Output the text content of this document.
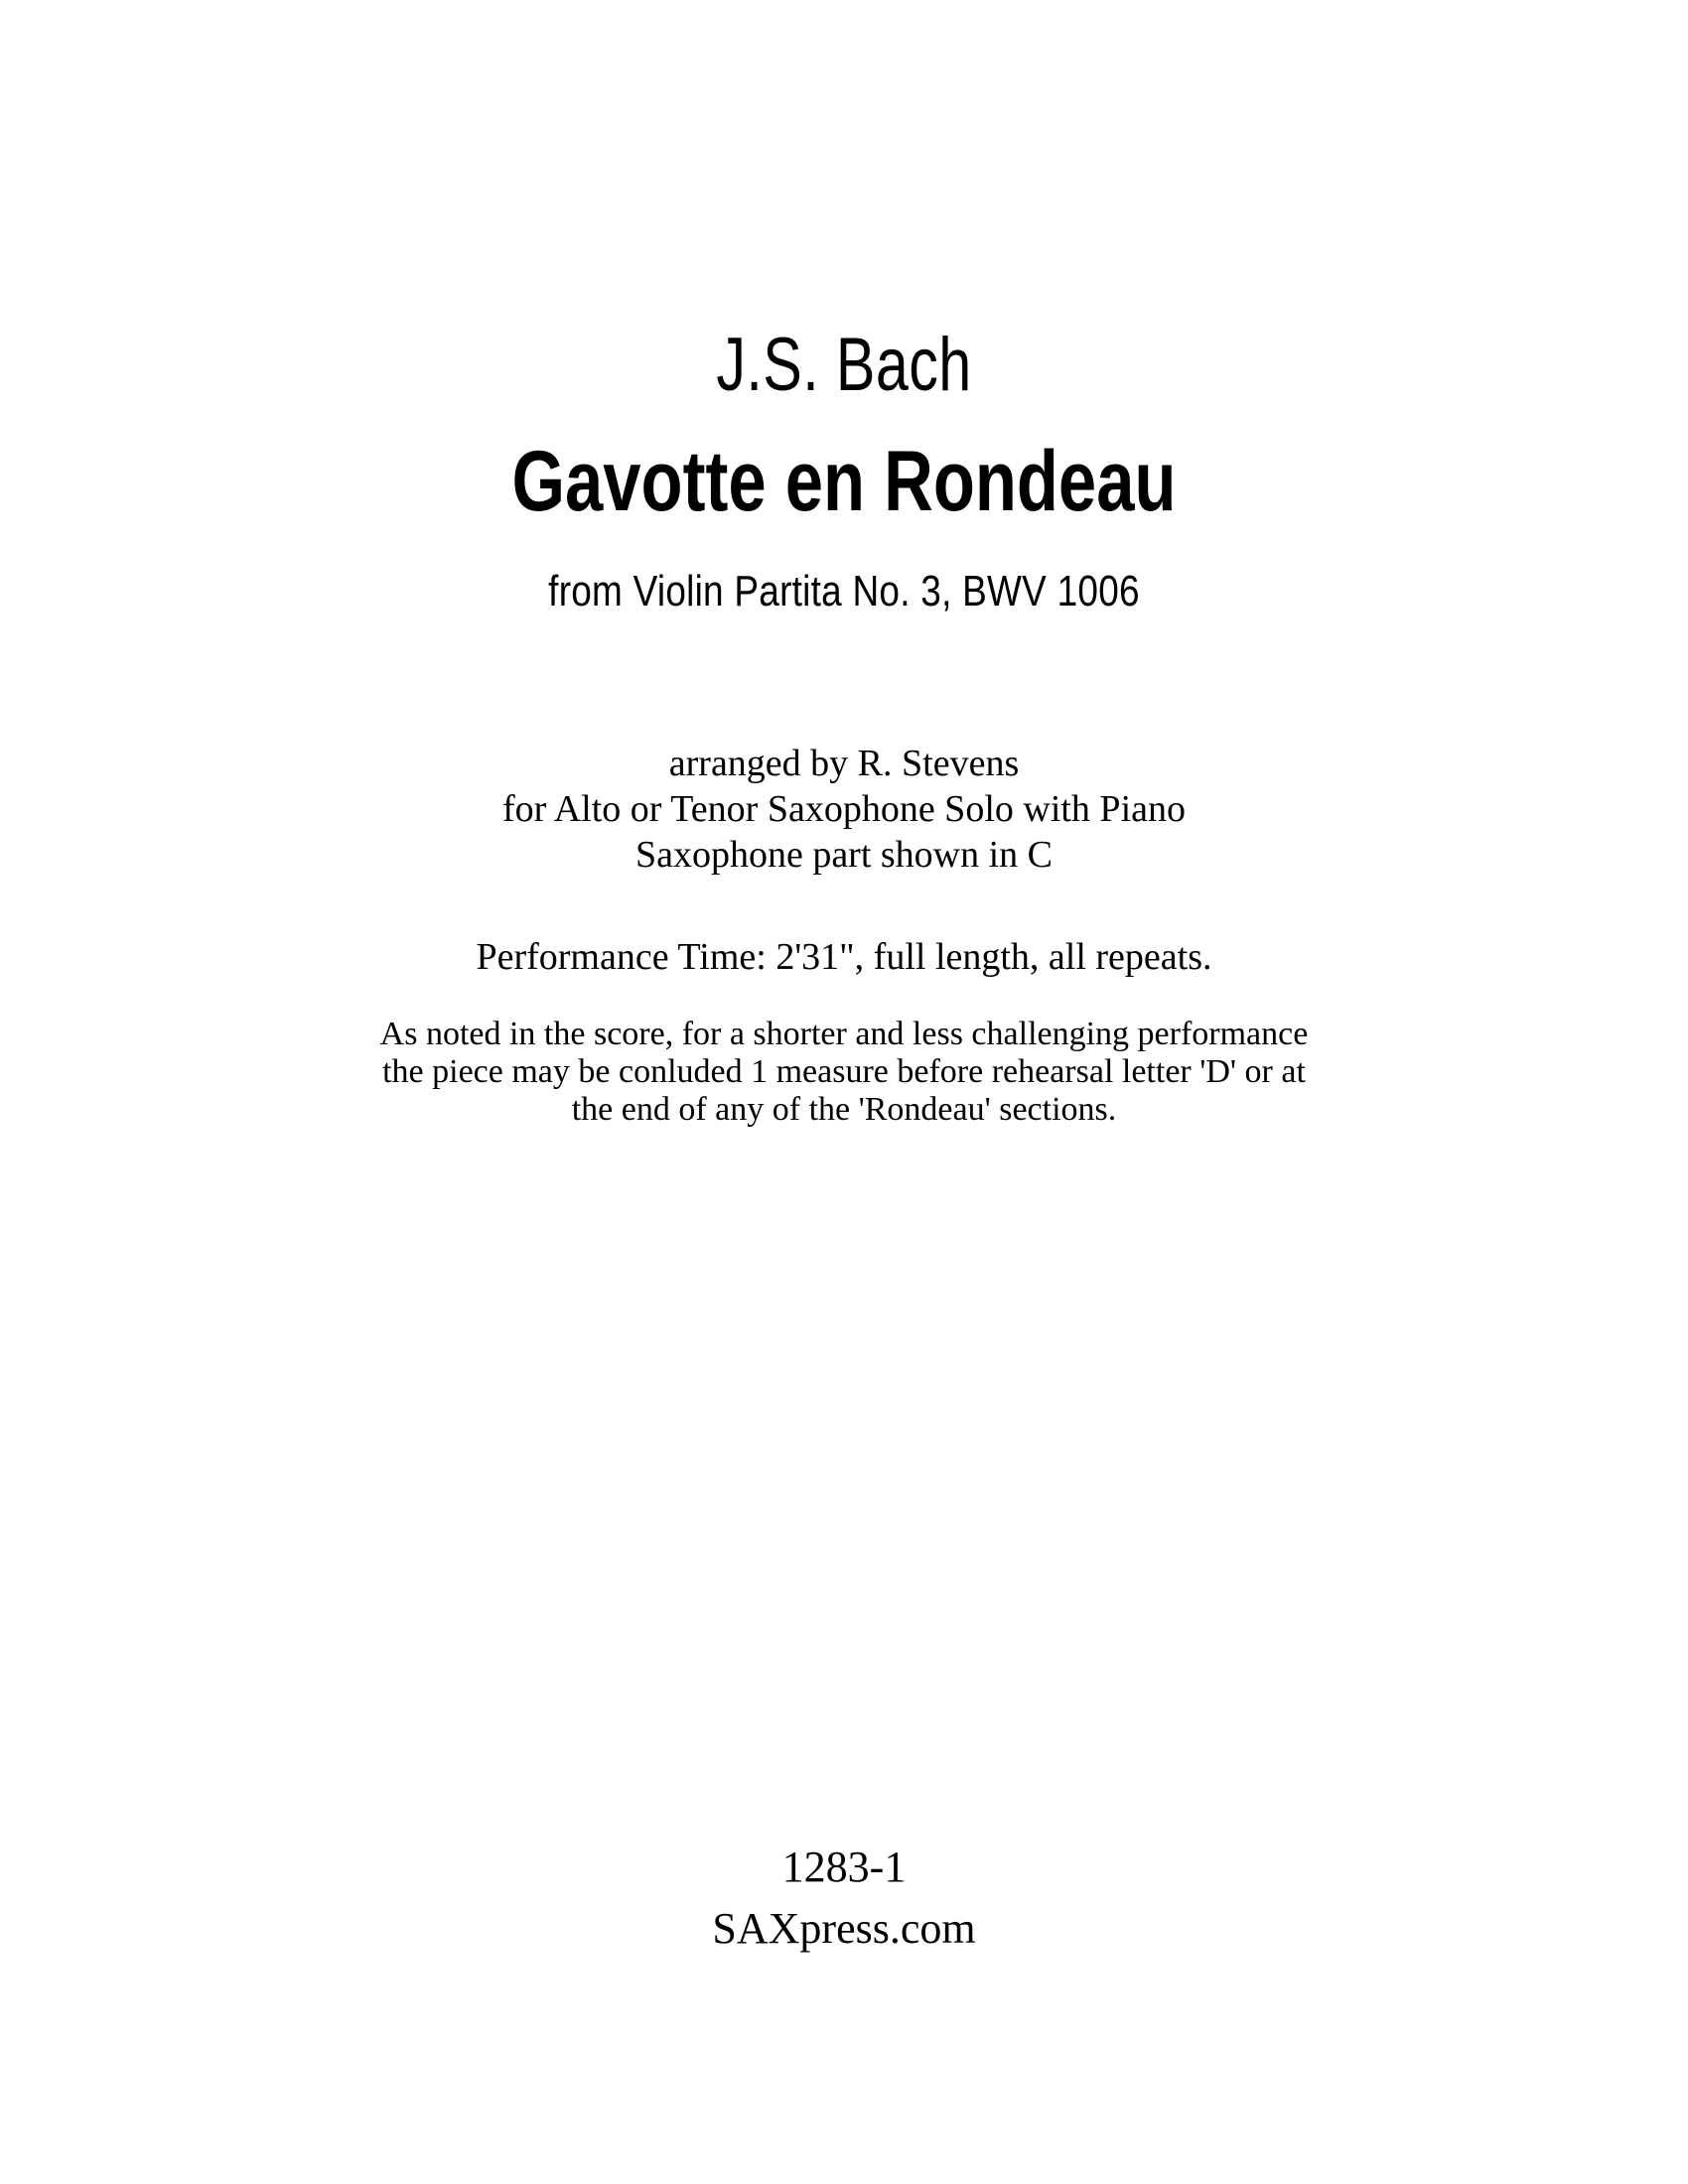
J.S. Bach
Gavotte en Rondeau
from Violin Partita No. 3, BWV 1006
arranged by R. Stevens
for Alto or Tenor Saxophone Solo with Piano
Saxophone part shown in C
Performance Time: 2'31", full length, all repeats.
As noted in the score, for a shorter and less challenging performance
the piece may be conluded 1 measure before rehearsal letter 'D' or at
the end of any of the 'Rondeau' sections.
1283-1
SAXpress.com
